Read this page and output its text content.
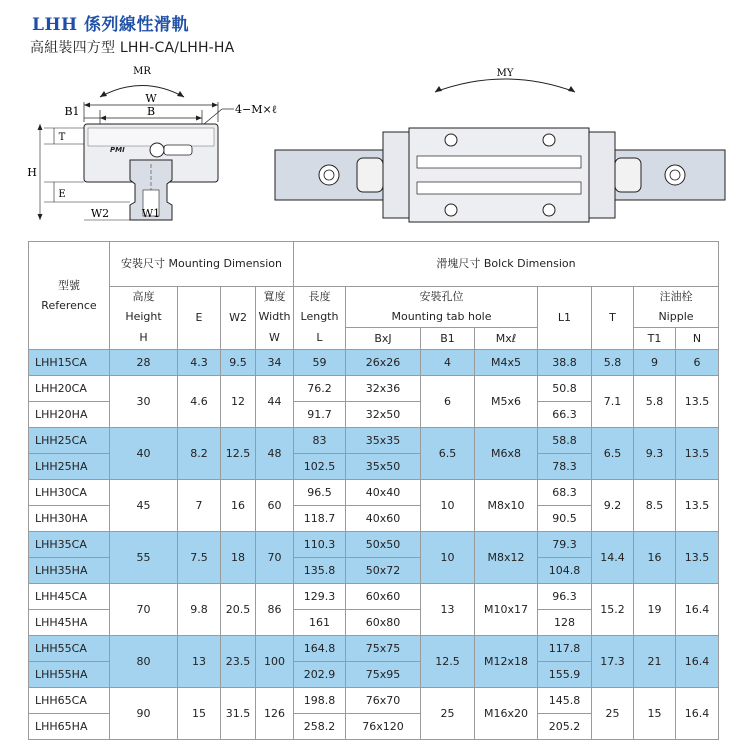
LHH 係列線性滑軌
高組裝四方型 LHH-CA/LHH-HA
MR
W
B1	B	4−M×ℓ
PMI
T
H
E
W2	W1
MY
型號
Reference	安裝尺寸 Mounting Dimension				滑塊尺寸 Bolck Dimension							
	高度	E	W2	寬度	長度	安裝孔位			L1	T	注油栓	
	Height			Width	Length	Mounting tab hole					Nipple	
	H			W	L	BxJ	B1	Mxℓ			T1	N
LHH15CA	28	4.3	9.5	34	59	26x26	4	M4x5	38.8	5.8	9	6
LHH20CA	30	4.6	12	44	76.2	32x36	6	M5x6	50.8	7.1	5.8	13.5
LHH20HA					91.7	32x50			66.3			
LHH25CA	40	8.2	12.5	48	83	35x35	6.5	M6x8	58.8	6.5	9.3	13.5
LHH25HA					102.5	35x50			78.3			
LHH30CA	45	7	16	60	96.5	40x40	10	M8x10	68.3	9.2	8.5	13.5
LHH30HA					118.7	40x60			90.5			
LHH35CA	55	7.5	18	70	110.3	50x50	10	M8x12	79.3	14.4	16	13.5
LHH35HA					135.8	50x72			104.8			
LHH45CA	70	9.8	20.5	86	129.3	60x60	13	M10x17	96.3	15.2	19	16.4
LHH45HA					161	60x80			128			
LHH55CA	80	13	23.5	100	164.8	75x75	12.5	M12x18	117.8	17.3	21	16.4
LHH55HA					202.9	75x95			155.9			
LHH65CA	90	15	31.5	126	198.8	76x70	25	M16x20	145.8	25	15	16.4
LHH65HA					258.2	76x120			205.2			
